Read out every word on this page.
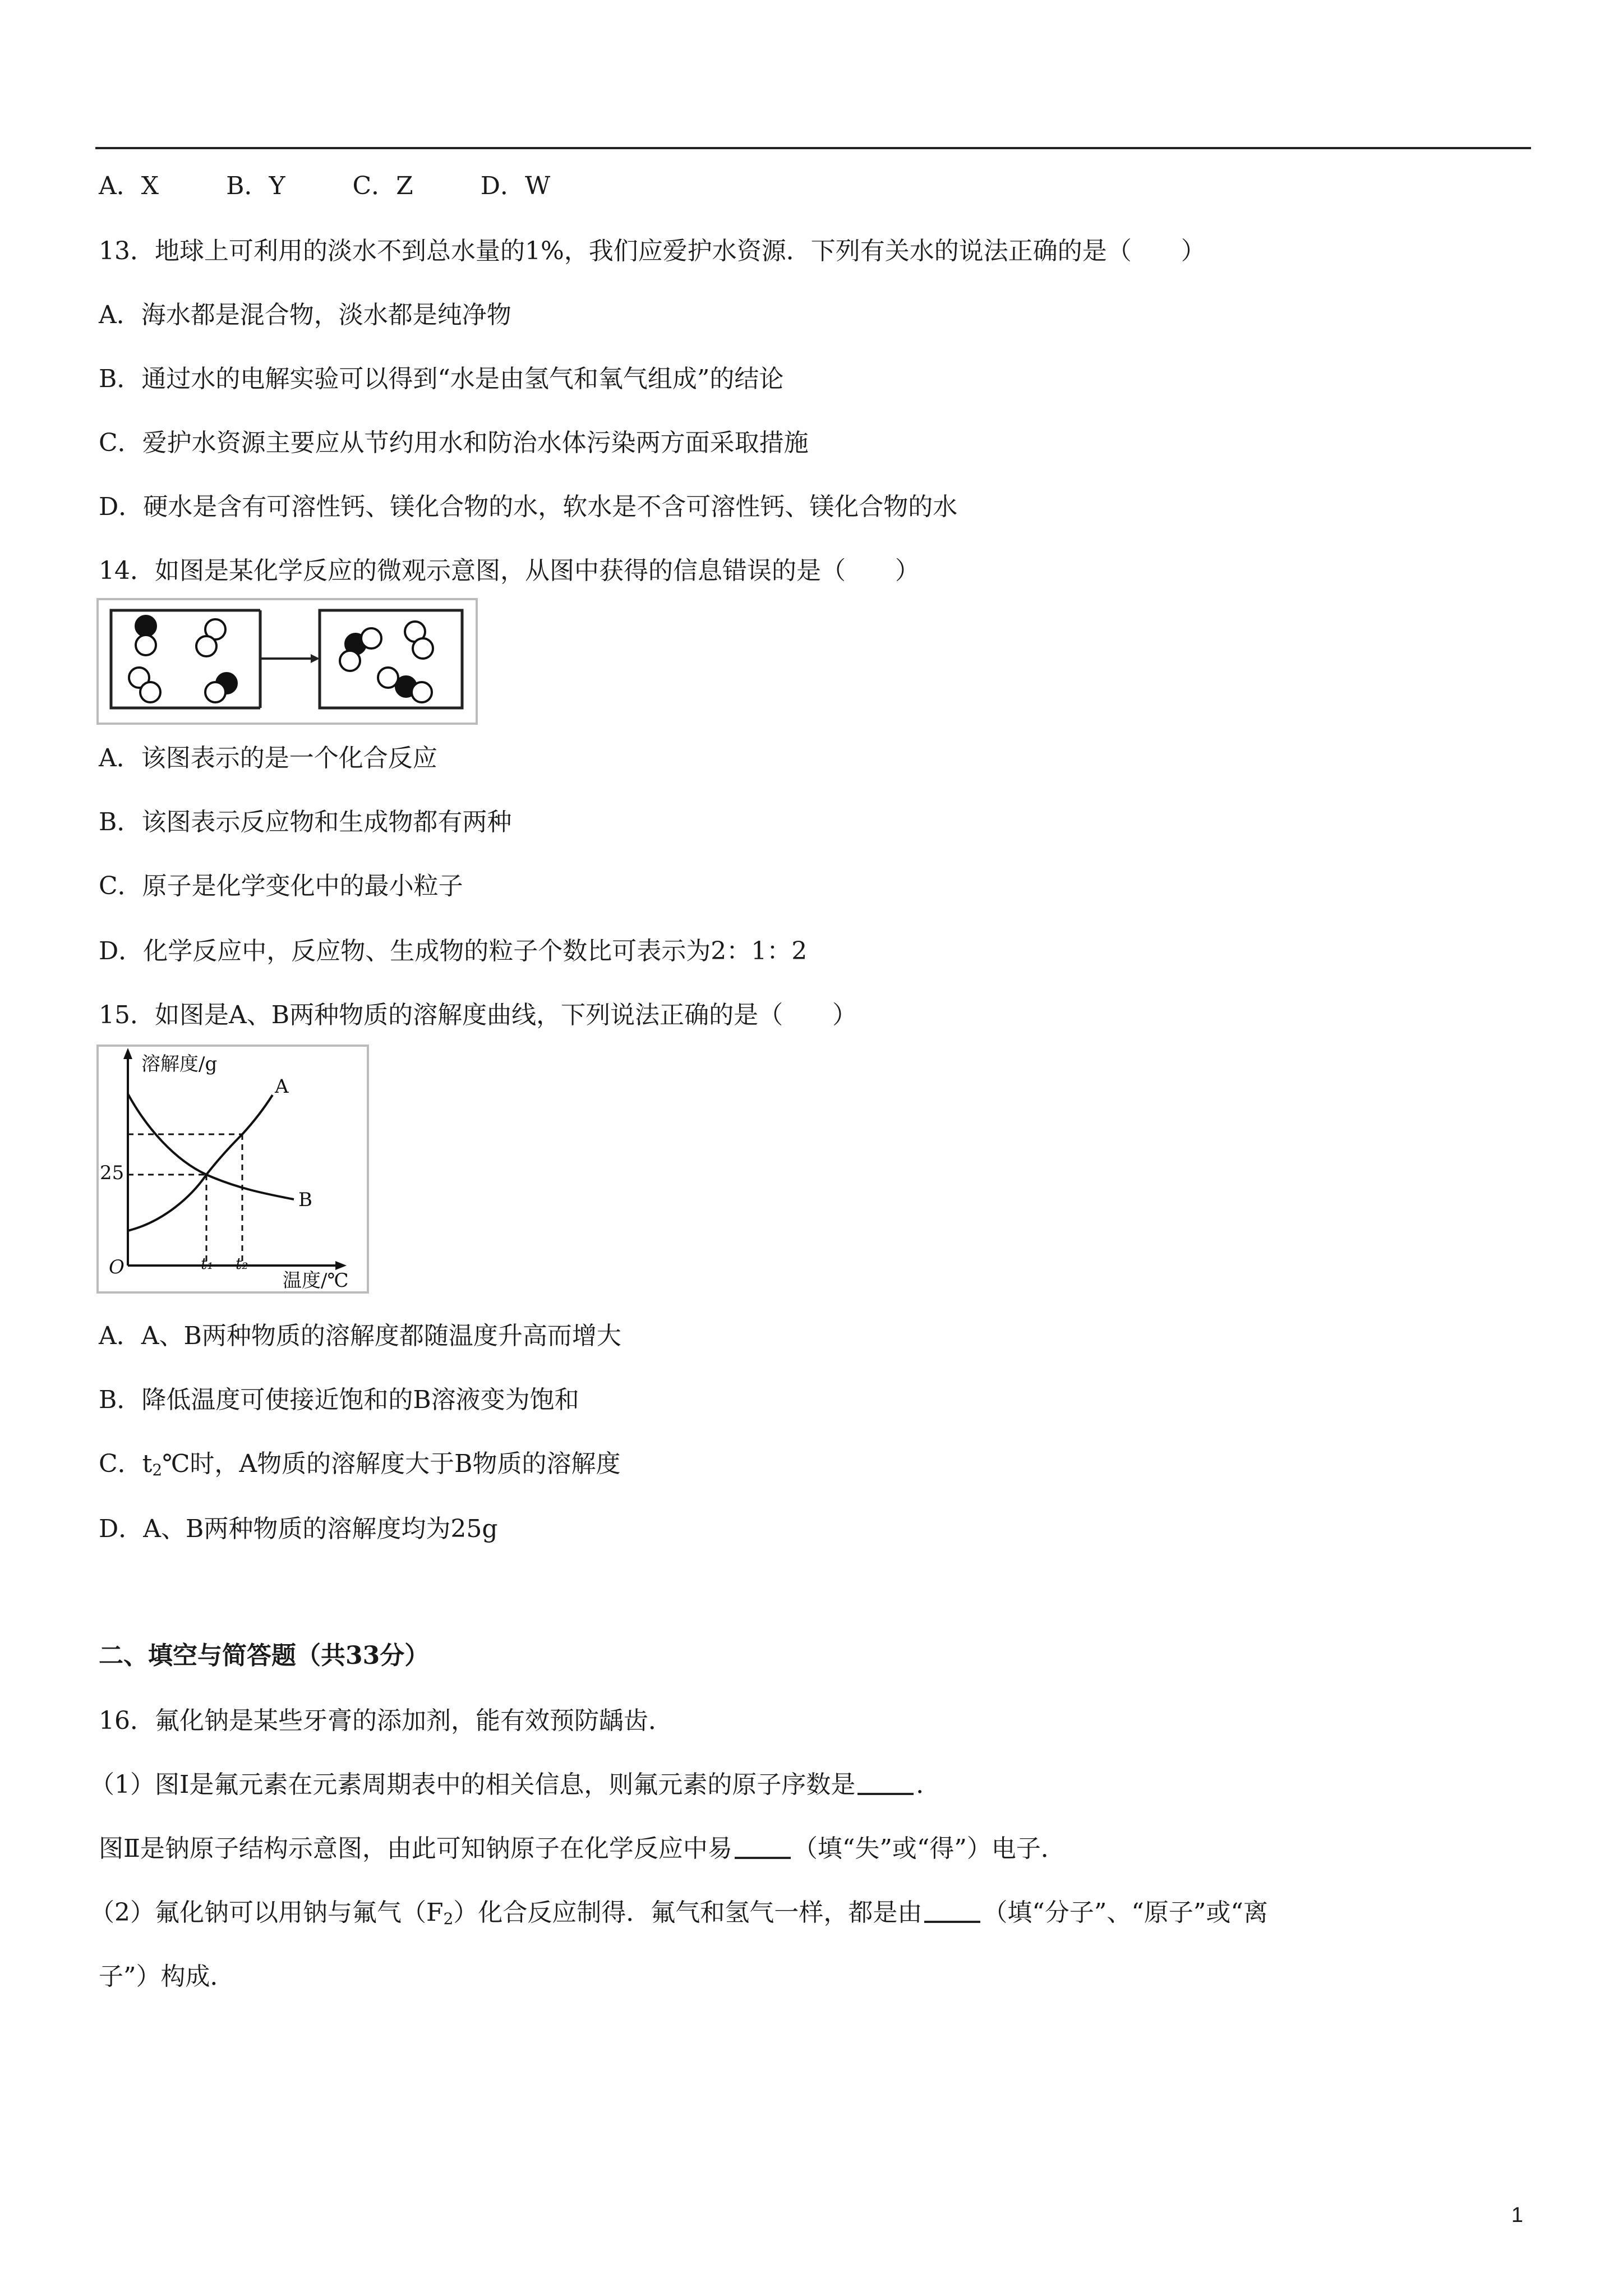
A．X	B．Y	C．Z	D．W
13．地球上可利用的淡水不到总水量的1%，我们应爱护水资源．下列有关水的说法正确的是（　　）
A．海水都是混合物，淡水都是纯净物
B．通过水的电解实验可以得到“水是由氢气和氧气组成”的结论
C．爱护水资源主要应从节约用水和防治水体污染两方面采取措施
D．硬水是含有可溶性钙、镁化合物的水，软水是不含可溶性钙、镁化合物的水
14．如图是某化学反应的微观示意图，从图中获得的信息错误的是（　　）
A．该图表示的是一个化合反应
B．该图表示反应物和生成物都有两种
C．原子是化学变化中的最小粒子
D．化学反应中，反应物、生成物的粒子个数比可表示为2：1：2
15．如图是A、B两种物质的溶解度曲线，下列说法正确的是（　　）
溶解度/g
温度/℃
O
25
t₁ t₂
A
B
A．A、B两种物质的溶解度都随温度升高而增大
B．降低温度可使接近饱和的B溶液变为饱和
C．$t_2℃$时，A物质的溶解度大于B物质的溶解度
D．A、B两种物质的溶解度均为25g
二、填空与简答题（共33分）
16．氟化钠是某些牙膏的添加剂，能有效预防龋齿．
（1）图Ⅰ是氟元素在元素周期表中的相关信息，则氟元素的原子序数是 ．
图Ⅱ是钠原子结构示意图，由此可知钠原子在化学反应中易 （填“失”或“得”）电子．
（2）氟化钠可以用钠与氟气$(F_2)$化合反应制得．氟气和氢气一样，都是由 （填“分子”、“原子”或“离
子”）构成．
1
